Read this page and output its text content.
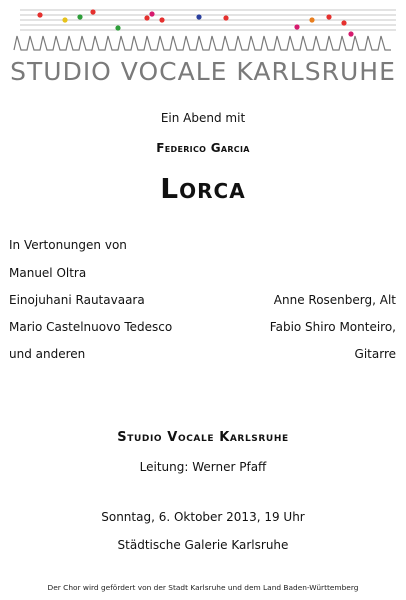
STUDIO VOCALE KARLSRUHE
Ein Abend mit
Federico Garcia
Lorca
In Vertonungen von
Manuel Oltra
Einojuhani Rautavaara
Mario Castelnuovo Tedesco
und anderen
Anne Rosenberg, Alt
Fabio Shiro Monteiro,
Gitarre
Studio Vocale Karlsruhe
Leitung: Werner Pfaff
Sonntag, 6. Oktober 2013, 19 Uhr
Städtische Galerie Karlsruhe
Der Chor wird gefördert von der Stadt Karlsruhe und dem Land Baden-Württemberg
